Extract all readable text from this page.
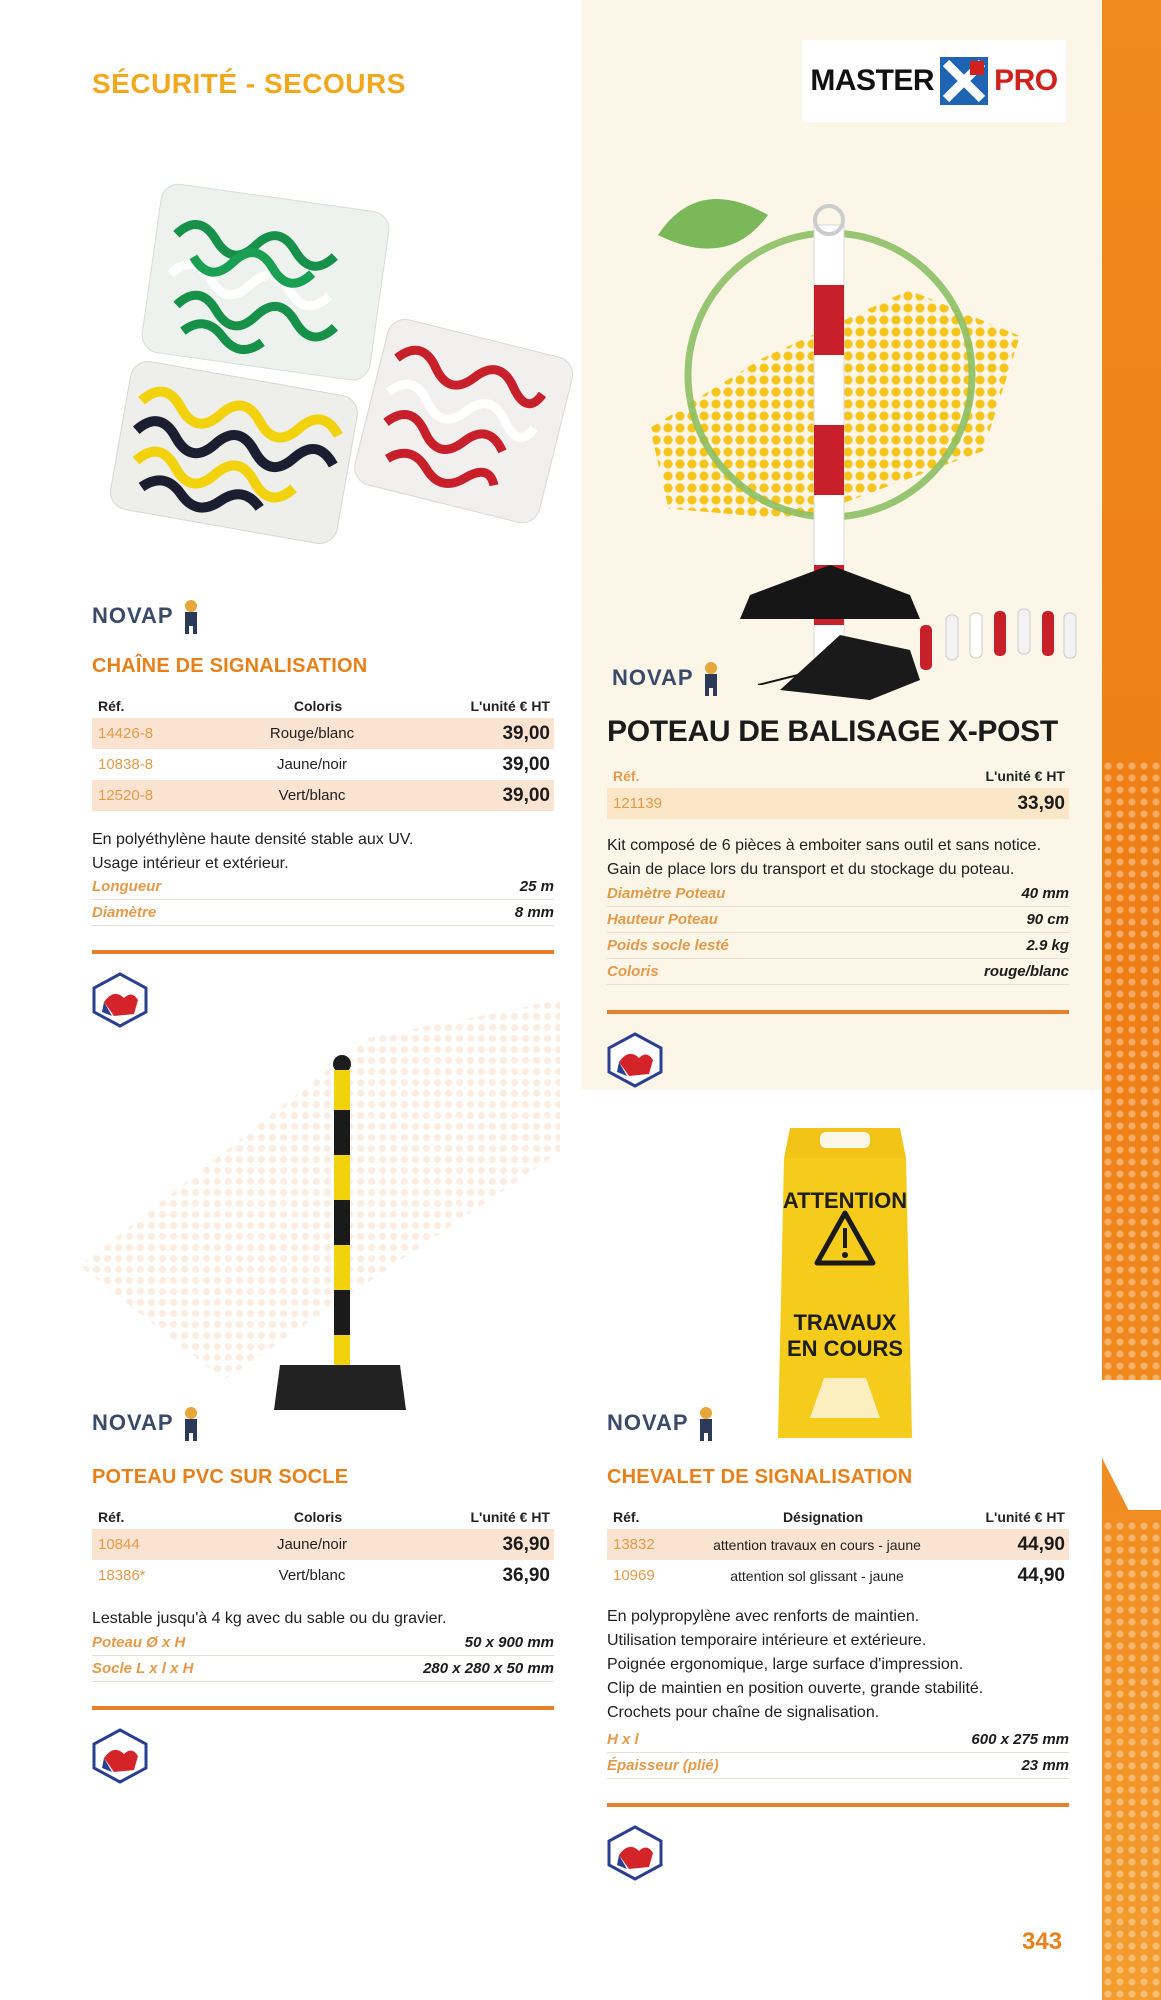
SÉCURITÉ - SECOURS	MASTER PRO
NOVAP
CHAÎNE DE SIGNALISATION
Réf.	Coloris	L'unité € HT
14426-8	Rouge/blanc	39,00
10838-8	Jaune/noir	39,00
12520-8	Vert/blanc	39,00
En polyéthylène haute densité stable aux UV.
Usage intérieur et extérieur.
Longueur	25 m
Diamètre	8 mm
NOVAP
POTEAU DE BALISAGE X-POST
Réf.	L'unité € HT
121139	33,90
Kit composé de 6 pièces à emboiter sans outil et sans notice.
Gain de place lors du transport et du stockage du poteau.
Diamètre Poteau	40 mm
Hauteur Poteau	90 cm
Poids socle lesté	2.9 kg
Coloris	rouge/blanc
NOVAP
POTEAU PVC SUR SOCLE
Réf.	Coloris	L'unité € HT
10844	Jaune/noir	36,90
18386*	Vert/blanc	36,90
Lestable jusqu'à 4 kg avec du sable ou du gravier.
Poteau Ø x H	50 x 900 mm
Socle L x l x H	280 x 280 x 50 mm
ATTENTION
TRAVAUX
EN COURS
NOVAP
CHEVALET DE SIGNALISATION
Réf.	Désignation	L'unité € HT
13832	attention travaux en cours - jaune	44,90
10969	attention sol glissant - jaune	44,90
En polypropylène avec renforts de maintien.
Utilisation temporaire intérieure et extérieure.
Poignée ergonomique, large surface d'impression.
Clip de maintien en position ouverte, grande stabilité.
Crochets pour chaîne de signalisation.
H x l	600 x 275 mm
Épaisseur (plié)	23 mm
343
